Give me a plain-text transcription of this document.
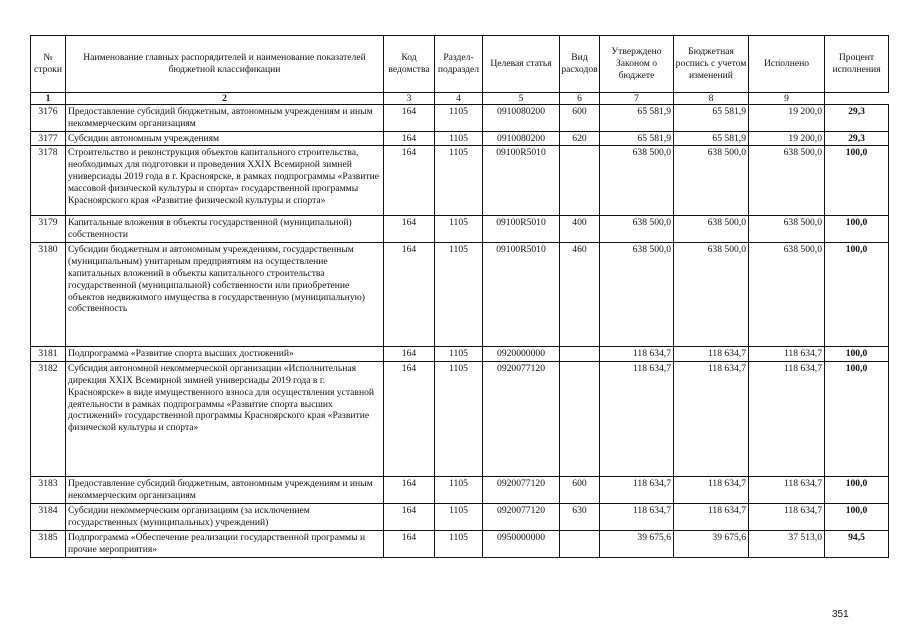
№ строки	Наименование главных распорядителей и наименование показателей бюджетной классификации	Код ведомства	Раздел-подраздел	Целевая статья	Вид расходов	Утверждено Законом о бюджете	Бюджетная роспись с учетом изменений	Исполнено	Процент исполнения
1	2	3	4	5	6	7	8	9	
3176	Предоставление субсидий бюджетным, автономным учреждениям и иным некоммерческим организациям	164	1105	0910080200	600	65 581,9	65 581,9	19 200,0	29,3
3177	Субсидии автономным учреждениям	164	1105	0910080200	620	65 581,9	65 581,9	19 200,0	29,3
3178	Строительство и реконструкция объектов капитального строительства, необходимых для подготовки и проведения XXIX Всемирной зимней универсиады 2019 года в г. Красноярске, в рамках подпрограммы «Развитие массовой физической культуры и спорта» государственной программы Красноярского края «Развитие физической культуры и спорта»	164	1105	09100R5010		638 500,0	638 500,0	638 500,0	100,0
3179	Капитальные вложения в объекты государственной (муниципальной) собственности	164	1105	09100R5010	400	638 500,0	638 500,0	638 500,0	100,0
3180	Субсидии бюджетным и автономным учреждениям, государственным (муниципальным) унитарным предприятиям на осуществление капитальных вложений в объекты капитального строительства государственной (муниципальной) собственности или приобретение объектов недвижимого имущества в государственную (муниципальную) собственность	164	1105	09100R5010	460	638 500,0	638 500,0	638 500,0	100,0
3181	Подпрограмма «Развитие спорта высших достижений»	164	1105	0920000000		118 634,7	118 634,7	118 634,7	100,0
3182	Субсидия автономной некоммерческой организации «Исполнительная дирекция XXIX Всемирной зимней универсиады 2019 года в г. Красноярске» в виде имущественного взноса для осуществления уставной деятельности в рамках подпрограммы «Развитие спорта высших достижений» государственной программы Красноярского края «Развитие физической культуры и спорта»	164	1105	0920077120		118 634,7	118 634,7	118 634,7	100,0
3183	Предоставление субсидий бюджетным, автономным учреждениям и иным некоммерческим организациям	164	1105	0920077120	600	118 634,7	118 634,7	118 634,7	100,0
3184	Субсидии некоммерческим организациям (за исключением государственных (муниципальных) учреждений)	164	1105	0920077120	630	118 634,7	118 634,7	118 634,7	100,0
3185	Подпрограмма «Обеспечение реализации государственной программы и прочие мероприятия»	164	1105	0950000000		39 675,6	39 675,6	37 513,0	94,5
351
